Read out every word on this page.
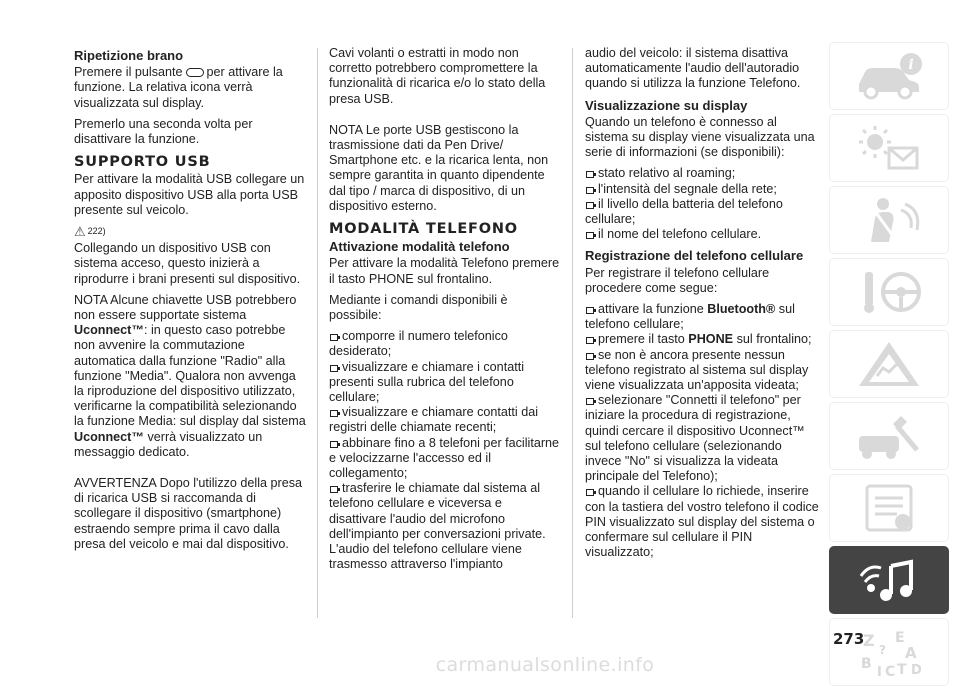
Ripetizione brano

Premere il pulsante per attivare la funzione. La relativa icona verrà visualizzata sul display.

Premerlo una seconda volta per disattivare la funzione.

SUPPORTO USB

Per attivare la modalità USB collegare un apposito dispositivo USB alla porta USB presente sul veicolo.

⚠ 222)

Collegando un dispositivo USB con sistema acceso, questo inizierà a riprodurre i brani presenti sul dispositivo.

NOTA Alcune chiavette USB potrebbero non essere supportate sistema Uconnect™: in questo caso potrebbe non avvenire la commutazione automatica dalla funzione "Radio" alla funzione "Media". Qualora non avvenga la riproduzione del dispositivo utilizzato, verificarne la compatibilità selezionando la funzione Media: sul display dal sistema Uconnect™ verrà visualizzato un messaggio dedicato.

AVVERTENZA Dopo l'utilizzo della presa di ricarica USB si raccomanda di scollegare il dispositivo (smartphone) estraendo sempre prima il cavo dalla presa del veicolo e mai dal dispositivo.

Cavi volanti o estratti in modo non corretto potrebbero compromettere la funzionalità di ricarica e/o lo stato della presa USB.

NOTA Le porte USB gestiscono la trasmissione dati da Pen Drive/ Smartphone etc. e la ricarica lenta, non sempre garantita in quanto dipendente dal tipo / marca di dispositivo, di un dispositivo esterno.

MODALITÀ TELEFONO
Attivazione modalità telefono

Per attivare la modalità Telefono premere il tasto PHONE sul frontalino.

Mediante i comandi disponibili è possibile:

comporre il numero telefonico desiderato;
visualizzare e chiamare i contatti presenti sulla rubrica del telefono cellulare;
visualizzare e chiamare contatti dai registri delle chiamate recenti;
abbinare fino a 8 telefoni per facilitarne e velocizzarne l'accesso ed il collegamento;
trasferire le chiamate dal sistema al telefono cellulare e viceversa e disattivare l'audio del microfono dell'impianto per conversazioni private. L'audio del telefono cellulare viene trasmesso attraverso l'impianto

audio del veicolo: il sistema disattiva automaticamente l'audio dell'autoradio quando si utilizza la funzione Telefono.

Visualizzazione su display

Quando un telefono è connesso al sistema su display viene visualizzata una serie di informazioni (se disponibili):

stato relativo al roaming;
l'intensità del segnale della rete;
il livello della batteria del telefono cellulare;
il nome del telefono cellulare.
Registrazione del telefono cellulare

Per registrare il telefono cellulare procedere come segue:

attivare la funzione Bluetooth® sul telefono cellulare;
premere il tasto PHONE sul frontalino;
se non è ancora presente nessun telefono registrato al sistema sul display viene visualizzata un'apposita videata;
selezionare "Connetti il telefono" per iniziare la procedura di registrazione, quindi cercare il dispositivo Uconnect™ sul telefono cellulare (selezionando invece "No" si visualizza la videata principale del Telefono);
quando il cellulare lo richiede, inserire con la tastiera del vostro telefono il codice PIN visualizzato sul display del sistema o confermare sul cellulare il PIN visualizzato;
i
Z E
? A
B
I C T D
273
carmanualsonline.info
